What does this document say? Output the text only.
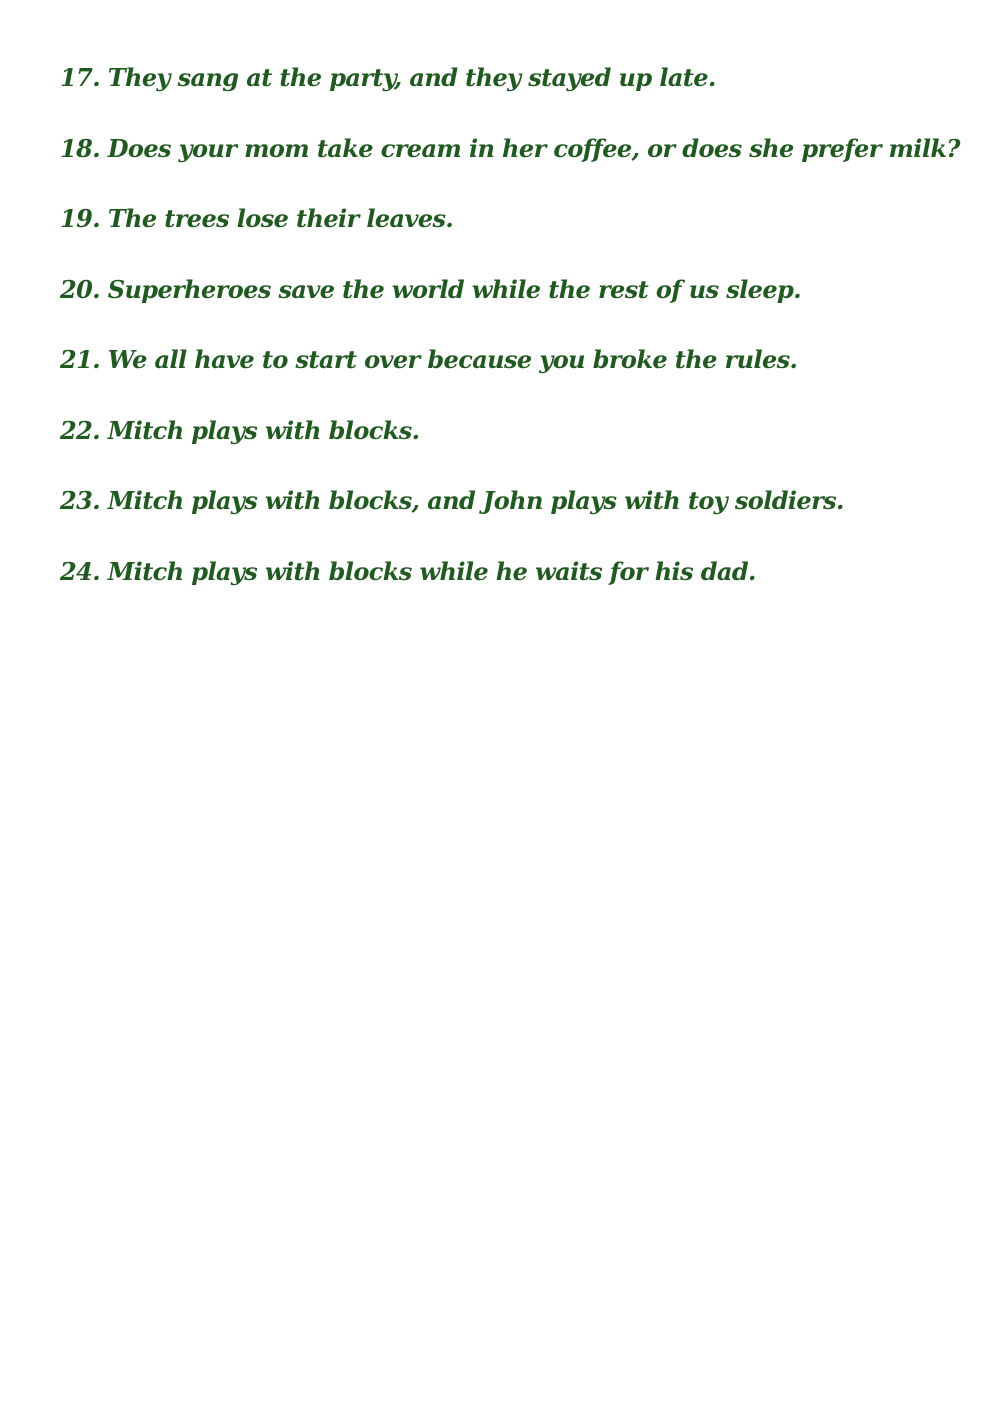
17. They sang at the party, and they stayed up late.
18. Does your mom take cream in her coffee, or does she prefer milk?
19. The trees lose their leaves.
20. Superheroes save the world while the rest of us sleep.
21. We all have to start over because you broke the rules.
22. Mitch plays with blocks.
23. Mitch plays with blocks, and John plays with toy soldiers.
24. Mitch plays with blocks while he waits for his dad.
